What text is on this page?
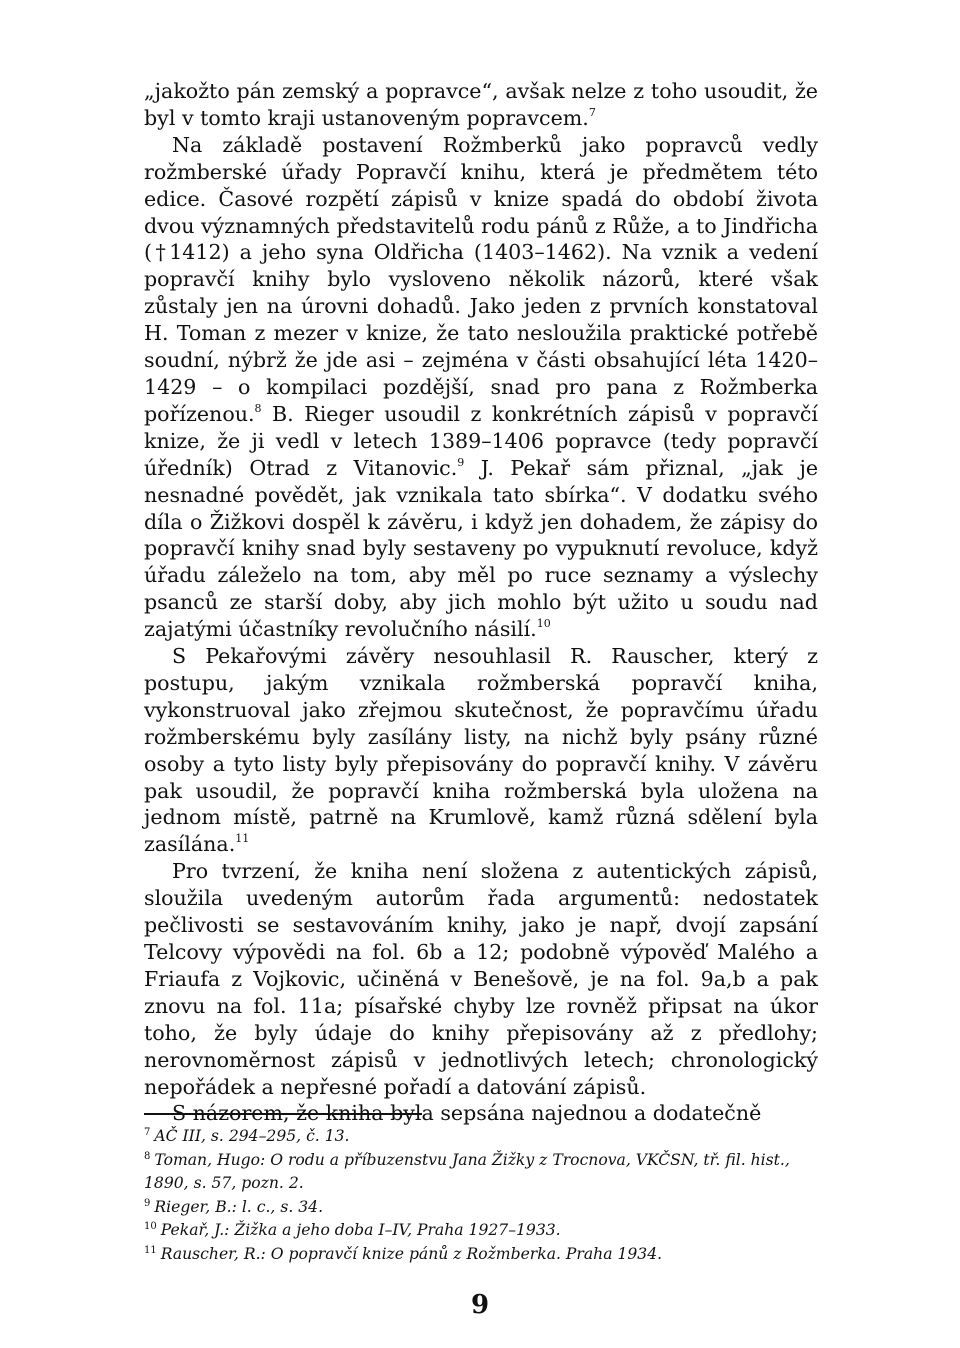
„jakožto pán zemský a popravce“, avšak nelze z toho usoudit, že byl v tomto kraji ustanoveným popravcem.$^7$

Na základě postavení Rožmberků jako popravců vedly rožmberské úřady Popravčí knihu, která je předmětem této edice. Časové rozpětí zápisů v knize spadá do období života dvou významných představitelů rodu pánů z Růže, a to Jindřicha (†1412) a jeho syna Oldřicha (1403–1462). Na vznik a vedení popravčí knihy bylo vysloveno několik názorů, které však zůstaly jen na úrovni dohadů. Jako jeden z prvních konstatoval H. Toman z mezer v knize, že tato nesloužila praktické potřebě soudní, nýbrž že jde asi – zejména v části obsahující léta 1420–1429 – o kompilaci pozdější, snad pro pana z Rožmberka pořízenou.$^8$ B. Rieger usoudil z konkrétních zápisů v popravčí knize, že ji vedl v letech 1389–1406 popravce (tedy popravčí úředník) Otrad z Vitanovic.$^9$ J. Pekař sám přiznal, „jak je nesnadné povědět, jak vznikala tato sbírka“. V dodatku svého díla o Žižkovi dospěl k závěru, i když jen dohadem, že zápisy do popravčí knihy snad byly sestaveny po vypuknutí revoluce, když úřadu záleželo na tom, aby měl po ruce seznamy a výslechy psanců ze starší doby, aby jich mohlo být užito u soudu nad zajatými účastníky revolučního násilí.$^{10}$

S Pekařovými závěry nesouhlasil R. Rauscher, který z postupu, jakým vznikala rožmberská popravčí kniha, vykonstruoval jako zřejmou skutečnost, že popravčímu úřadu rožmberskému byly zasílány listy, na nichž byly psány různé osoby a tyto listy byly přepisovány do popravčí knihy. V závěru pak usoudil, že popravčí kniha rožmberská byla uložena na jednom místě, patrně na Krumlově, kamž různá sdělení byla zasílána.$^{11}$

Pro tvrzení, že kniha není složena z autentických zápisů, sloužila uvedeným autorům řada argumentů: nedostatek pečlivosti se sestavováním knihy, jako je např, dvojí zapsání Telcovy výpovědi na fol. 6b a 12; podobně výpověď Malého a Friaufa z Vojkovic, učiněná v Benešově, je na fol. 9a,b a pak znovu na fol. 11a; písařské chyby lze rovněž připsat na úkor toho, že byly údaje do knihy přepisovány až z předlohy; nerovnoměrnost zápisů v jednotlivých letech; chronologický nepořádek a nepřesné pořadí a datování zápisů.

S názorem, že kniha byla sepsána najednou a dodatečně

$^7$ AČ III, s. 294–295, č. 13.
$^8$ Toman, Hugo: O rodu a příbuzenstvu Jana Žižky z Trocnova, VKČSN, tř. fil. hist., 1890, s. 57, pozn. 2.
$^9$ Rieger, B.: l. c., s. 34.
$^{10}$ Pekař, J.: Žižka a jeho doba I–IV, Praha 1927–1933.
$^{11}$ Rauscher, R.: O popravčí knize pánů z Rožmberka. Praha 1934.
9
